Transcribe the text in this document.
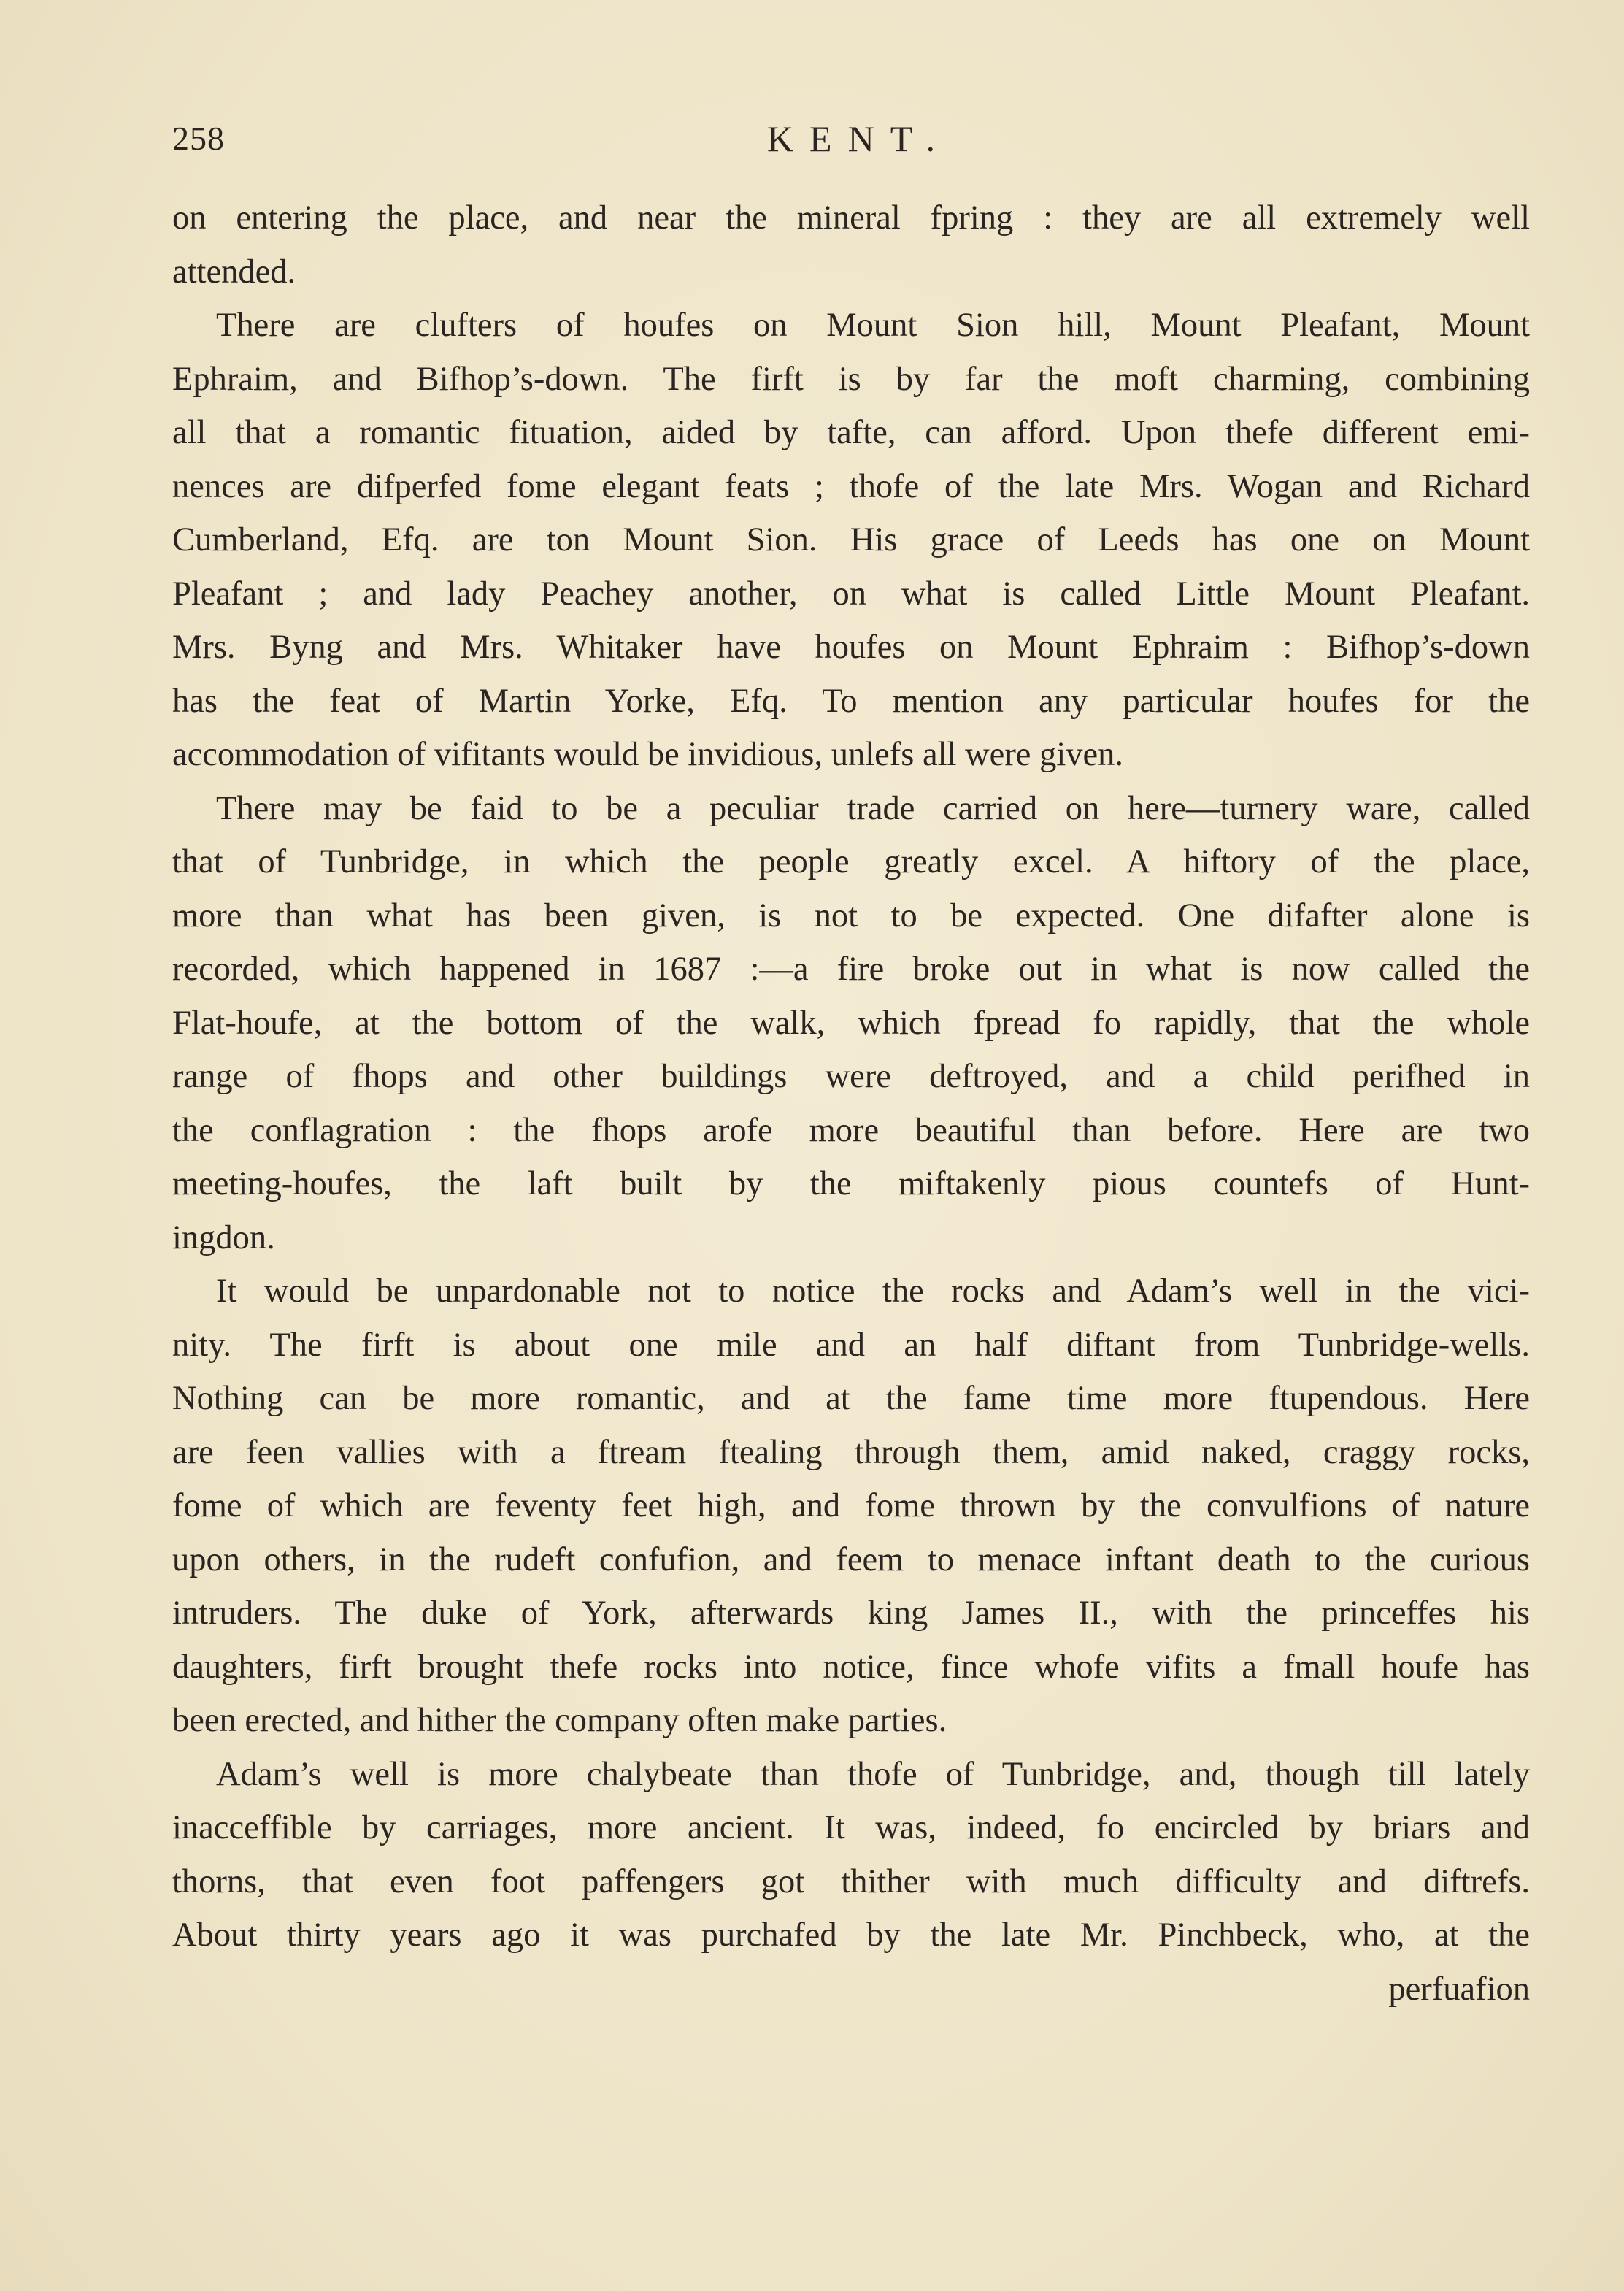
258	KENT.
on entering the place, and near the mineral fpring : they are all extremely well
attended.
There are clufters of houfes on Mount Sion hill, Mount Pleafant, Mount
Ephraim, and Bifhop’s-down. The firft is by far the moft charming, combining
all that a romantic fituation, aided by tafte, can afford. Upon thefe different emi-
nences are difperfed fome elegant feats ; thofe of the late Mrs. Wogan and Richard
Cumberland, Efq. are ton Mount Sion. His grace of Leeds has one on Mount
Pleafant ; and lady Peachey another, on what is called Little Mount Pleafant.
Mrs. Byng and Mrs. Whitaker have houfes on Mount Ephraim : Bifhop’s-down
has the feat of Martin Yorke, Efq. To mention any particular houfes for the
accommodation of vifitants would be invidious, unlefs all were given.
There may be faid to be a peculiar trade carried on here—turnery ware, called
that of Tunbridge, in which the people greatly excel. A hiftory of the place,
more than what has been given, is not to be expected. One difafter alone is
recorded, which happened in 1687 :—a fire broke out in what is now called the
Flat-houfe, at the bottom of the walk, which fpread fo rapidly, that the whole
range of fhops and other buildings were deftroyed, and a child perifhed in
the conflagration : the fhops arofe more beautiful than before. Here are two
meeting-houfes, the laft built by the miftakenly pious countefs of Hunt-
ingdon.
It would be unpardonable not to notice the rocks and Adam’s well in the vici-
nity. The firft is about one mile and an half diftant from Tunbridge-wells.
Nothing can be more romantic, and at the fame time more ftupendous. Here
are feen vallies with a ftream ftealing through them, amid naked, craggy rocks,
fome of which are feventy feet high, and fome thrown by the convulfions of nature
upon others, in the rudeft confufion, and feem to menace inftant death to the curious
intruders. The duke of York, afterwards king James II., with the princeffes his
daughters, firft brought thefe rocks into notice, fince whofe vifits a fmall houfe has
been erected, and hither the company often make parties.
Adam’s well is more chalybeate than thofe of Tunbridge, and, though till lately
inacceffible by carriages, more ancient. It was, indeed, fo encircled by briars and
thorns, that even foot paffengers got thither with much difficulty and diftrefs.
About thirty years ago it was purchafed by the late Mr. Pinchbeck, who, at the
perfuafion
